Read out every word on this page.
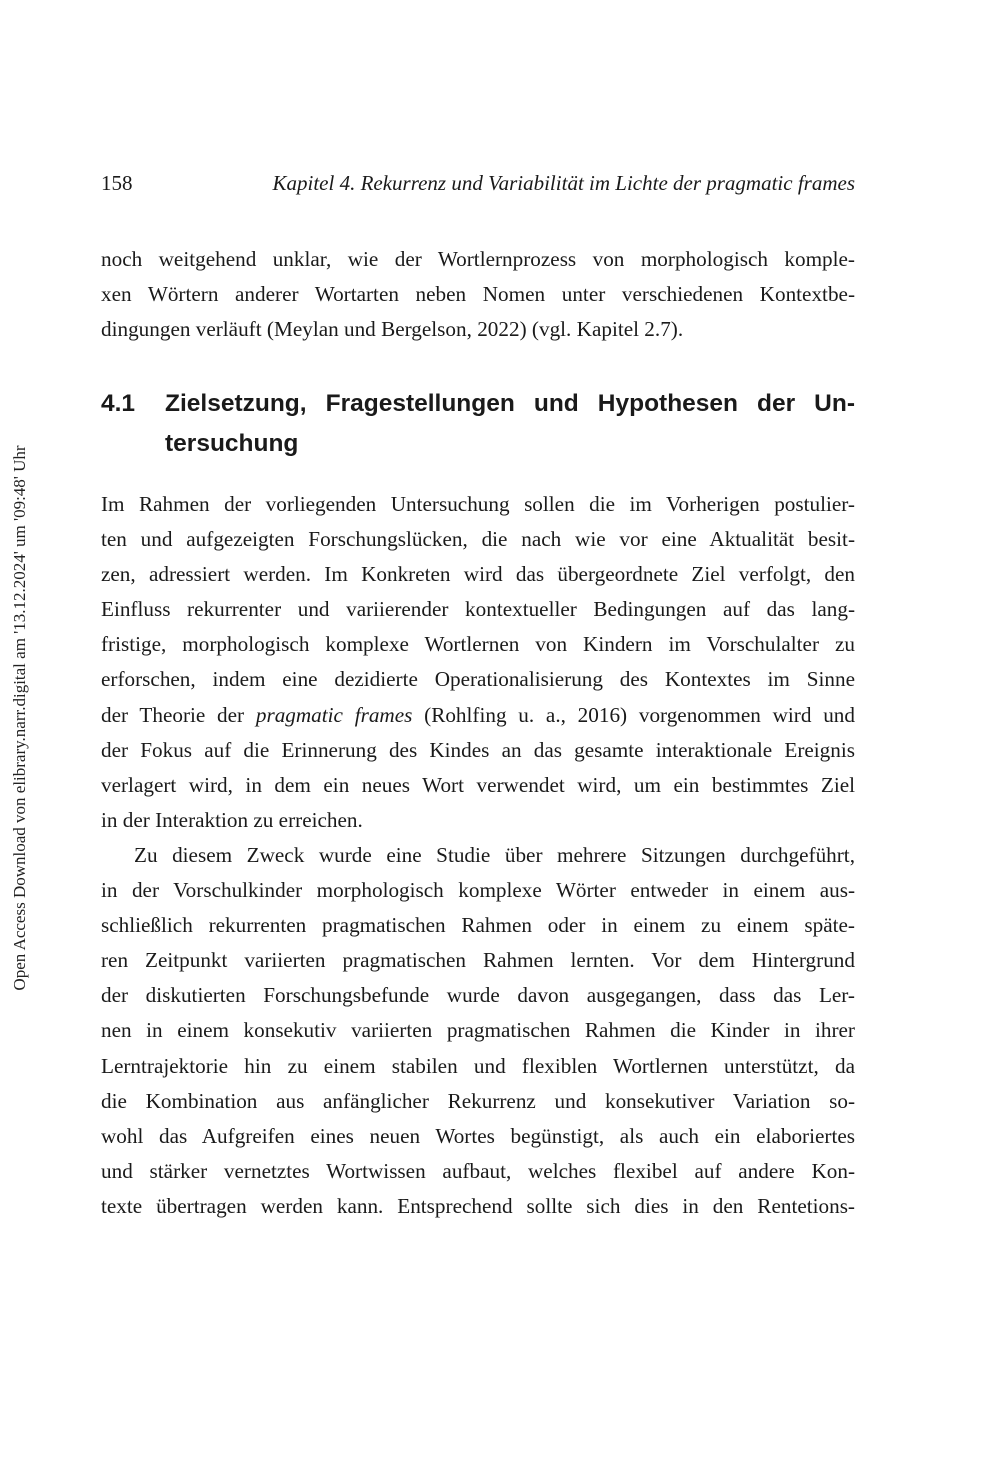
Open Access Download von elibrary.narr.digital am '13.12.2024' um '09:48' Uhr
158	Kapitel 4. Rekurrenz und Variabilität im Lichte der pragmatic frames
noch weitgehend unklar, wie der Wortlernprozess von morphologisch komple-
xen Wörtern anderer Wortarten neben Nomen unter verschiedenen Kontextbe-
dingungen verläuft (Meylan und Bergelson, 2022) (vgl. Kapitel 2.7).
4.1 Zielsetzung, Fragestellungen und Hypothesen der Un-
tersuchung
Im Rahmen der vorliegenden Untersuchung sollen die im Vorherigen postulier-
ten und aufgezeigten Forschungslücken, die nach wie vor eine Aktualität besit-
zen, adressiert werden. Im Konkreten wird das übergeordnete Ziel verfolgt, den
Einfluss rekurrenter und variierender kontextueller Bedingungen auf das lang-
fristige, morphologisch komplexe Wortlernen von Kindern im Vorschulalter zu
erforschen, indem eine dezidierte Operationalisierung des Kontextes im Sinne
der Theorie der pragmatic frames (Rohlfing u. a., 2016) vorgenommen wird und
der Fokus auf die Erinnerung des Kindes an das gesamte interaktionale Ereignis
verlagert wird, in dem ein neues Wort verwendet wird, um ein bestimmtes Ziel
in der Interaktion zu erreichen.
Zu diesem Zweck wurde eine Studie über mehrere Sitzungen durchgeführt,
in der Vorschulkinder morphologisch komplexe Wörter entweder in einem aus-
schließlich rekurrenten pragmatischen Rahmen oder in einem zu einem späte-
ren Zeitpunkt variierten pragmatischen Rahmen lernten. Vor dem Hintergrund
der diskutierten Forschungsbefunde wurde davon ausgegangen, dass das Ler-
nen in einem konsekutiv variierten pragmatischen Rahmen die Kinder in ihrer
Lerntrajektorie hin zu einem stabilen und flexiblen Wortlernen unterstützt, da
die Kombination aus anfänglicher Rekurrenz und konsekutiver Variation so-
wohl das Aufgreifen eines neuen Wortes begünstigt, als auch ein elaboriertes
und stärker vernetztes Wortwissen aufbaut, welches flexibel auf andere Kon-
texte übertragen werden kann. Entsprechend sollte sich dies in den Rentetions-
